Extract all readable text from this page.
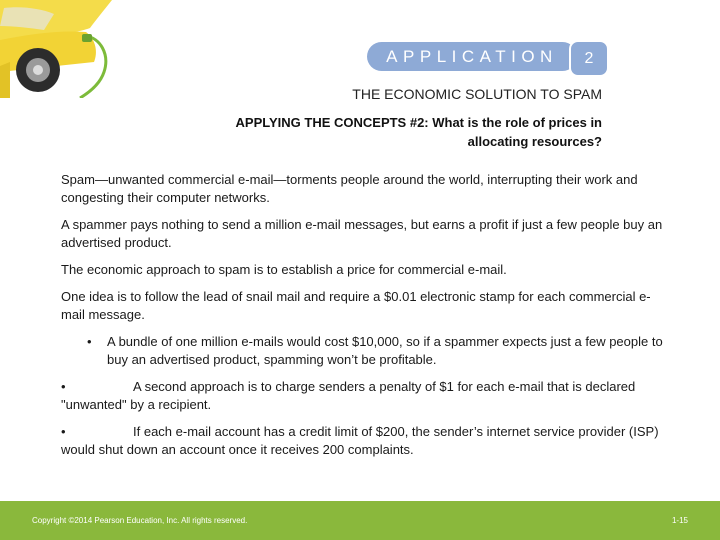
APPLICATION	2
THE ECONOMIC SOLUTION TO SPAM
APPLYING THE CONCEPTS #2: What is the role of prices in
allocating resources?

Spam—unwanted commercial e-mail—torments people around the world, interrupting their work and congesting their computer networks.

A spammer pays nothing to send a million e-mail messages, but earns a profit if just a few people buy an advertised product.

The economic approach to spam is to establish a price for commercial e-mail.

One idea is to follow the lead of snail mail and require a $0.01 electronic stamp for each commercial e-mail message.

• A bundle of one million e-mails would cost $10,000, so if a spammer expects just a few people to buy an advertised product, spamming won’t be profitable.
•	A second approach is to charge senders a penalty of $1 for each e-mail that is declared "unwanted" by a recipient.
•	If each e-mail account has a credit limit of $200, the sender’s internet service provider (ISP) would shut down an account once it receives 200 complaints.
Copyright ©2014 Pearson Education, Inc. All rights reserved.	1-15
